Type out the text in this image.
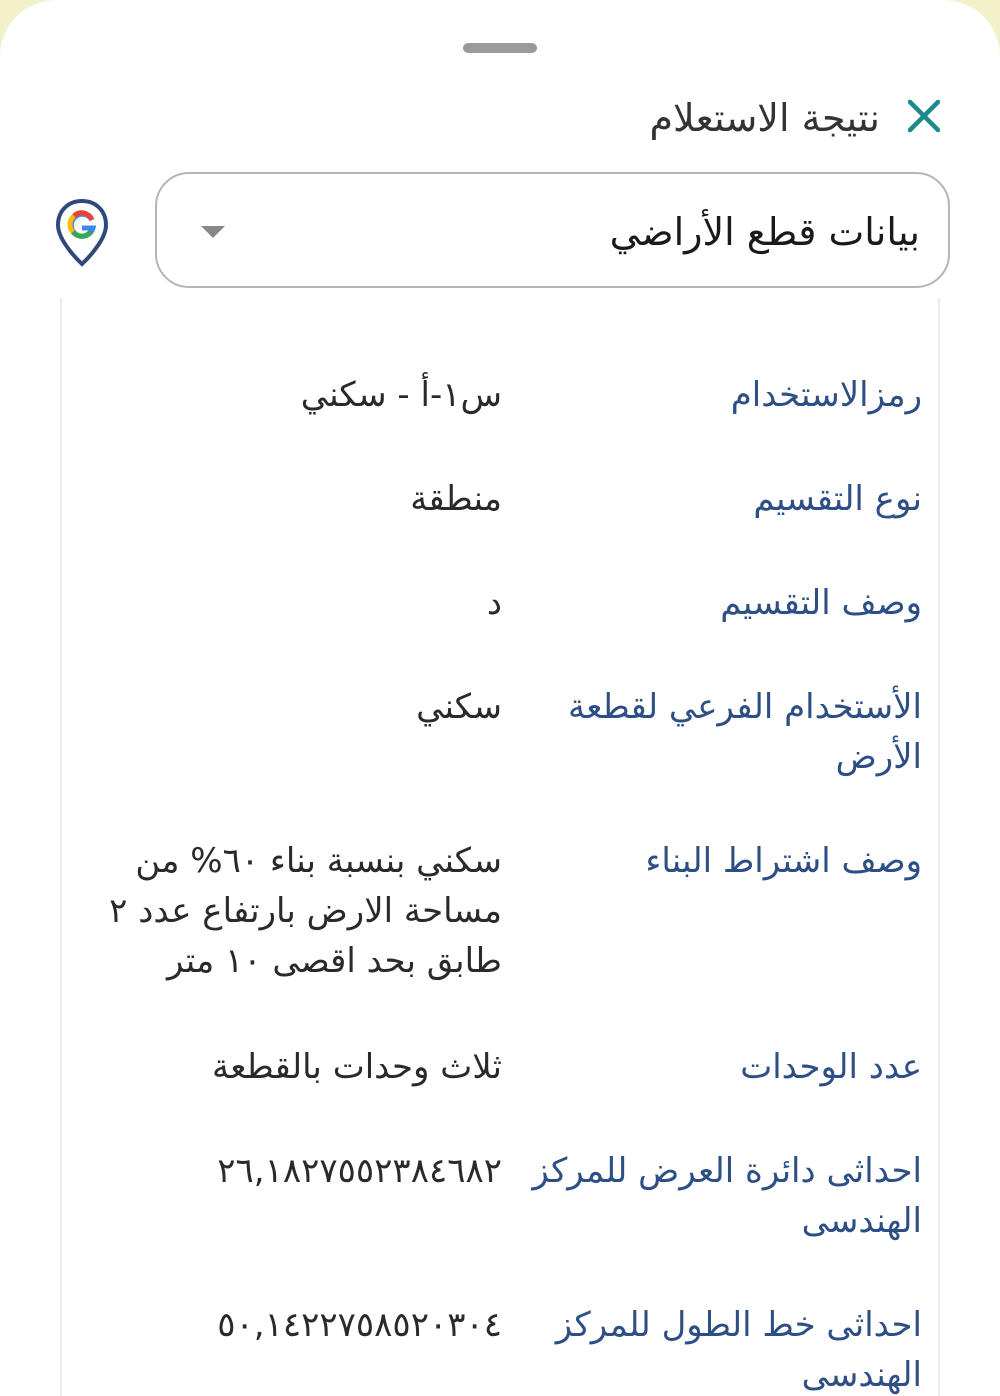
نتيجة الاستعلام
بيانات قطع الأراضي
رمزالاستخدام
س١-أ - سكني
نوع التقسيم
منطقة
وصف التقسيم
د
الأستخدام الفرعي لقطعة الأرض
سكني
وصف اشتراط البناء
سكني بنسبة بناء ٦٠% من مساحة الارض بارتفاع عدد ٢ طابق بحد اقصى ١٠ متر
عدد الوحدات
ثلاث وحدات بالقطعة
احداثى دائرة العرض للمركز الهندسى
٢٦,١٨٢٧٥٥٢٣٨٤٦٨٢
احداثى خط الطول للمركز الهندسى
٥٠,١٤٢٢٧٥٨٥٢٠٣٠٤
